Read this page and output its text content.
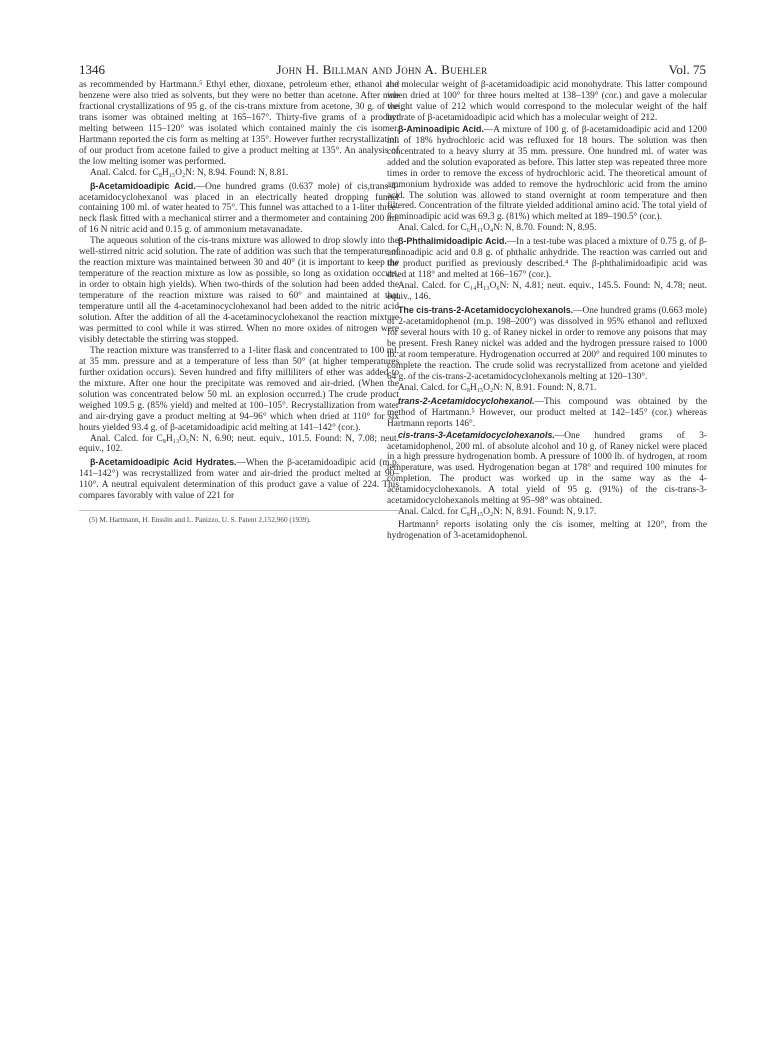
1346	John H. Billman and John A. Buehler	Vol. 75

as recommended by Hartmann.⁵ Ethyl ether, dioxane, petroleum ether, ethanol and benzene were also tried as solvents, but they were no better than acetone. After nine fractional crystallizations of 95 g. of the cis-trans mixture from acetone, 30 g. of the trans isomer was obtained melting at 165–167°. Thirty-five grams of a product melting between 115–120° was isolated which contained mainly the cis isomer. Hartmann reported the cis form as melting at 135°. However further recrystallization of our product from acetone failed to give a product melting at 135°. An analysis of the low melting isomer was performed.

Anal. Calcd. for C₈H₁₅O₂N: N, 8.94. Found: N, 8.81.

β-Acetamidoadipic Acid.—One hundred grams (0.637 mole) of cis,trans-4-acetamidocyclohexanol was placed in an electrically heated dropping funnel containing 100 ml. of water heated to 75°. This funnel was attached to a 1-liter three-neck flask fitted with a mechanical stirrer and a thermometer and containing 200 ml. of 16 N nitric acid and 0.15 g. of ammonium metavanadate.

The aqueous solution of the cis-trans mixture was allowed to drop slowly into the well-stirred nitric acid solution. The rate of addition was such that the temperature of the reaction mixture was maintained between 30 and 40° (it is important to keep the temperature of the reaction mixture as low as possible, so long as oxidation occurs, in order to obtain high yields). When two-thirds of the solution had been added the temperature of the reaction mixture was raised to 60° and maintained at that temperature until all the 4-acetaminocyclohexanol had been added to the nitric acid solution. After the addition of all the 4-acetaminocyclohexanol the reaction mixture was permitted to cool while it was stirred. When no more oxides of nitrogen were visibly detectable the stirring was stopped.

The reaction mixture was transferred to a 1-liter flask and concentrated to 100 ml. at 35 mm. pressure and at a temperature of less than 50° (at higher temperatures further oxidation occurs). Seven hundred and fifty milliliters of ether was added to the mixture. After one hour the precipitate was removed and air-dried. (When the solution was concentrated below 50 ml. an explosion occurred.) The crude product weighed 109.5 g. (85% yield) and melted at 100–105°. Recrystallization from water and air-drying gave a product melting at 94–96° which when dried at 110° for six hours yielded 93.4 g. of β-acetamidoadipic acid melting at 141–142° (cor.).

Anal. Calcd. for C₈H₁₃O₅N: N, 6.90; neut. equiv., 101.5. Found: N, 7.08; neut. equiv., 102.

β-Acetamidoadipic Acid Hydrates.—When the β-acetamidoadipic acid (m.p. 141–142°) was recrystallized from water and air-dried the product melted at 90–110°. A neutral equivalent determination of this product gave a value of 224. This compares favorably with value of 221 for

(5) M. Hartmann, H. Ensslin and L. Panizzo, U. S. Patent 2,152,960 (1939).

the molecular weight of β-acetamidoadipic acid monohydrate. This latter compound when dried at 100° for three hours melted at 138–139° (cor.) and gave a molecular weight value of 212 which would correspond to the molecular weight of the half hydrate of β-acetamidoadipic acid which has a molecular weight of 212.

β-Aminoadipic Acid.—A mixture of 100 g. of β-acetamidoadipic acid and 1200 ml. of 18% hydrochloric acid was refluxed for 18 hours. The solution was then concentrated to a heavy slurry at 35 mm. pressure. One hundred ml. of water was added and the solution evaporated as before. This latter step was repeated three more times in order to remove the excess of hydrochloric acid. The theoretical amount of ammonium hydroxide was added to remove the hydrochloric acid from the amino acid. The solution was allowed to stand overnight at room temperature and then filtered. Concentration of the filtrate yielded additional amino acid. The total yield of β-aminoadipic acid was 69.3 g. (81%) which melted at 189–190.5° (cor.).

Anal. Calcd. for C₆H₁₁O₄N: N, 8.70. Found: N, 8.95.

β-Phthalimidoadipic Acid.—In a test-tube was placed a mixture of 0.75 g. of β-aminoadipic acid and 0.8 g. of phthalic anhydride. The reaction was carried out and the product purified as previously described.⁴ The β-phthalimidoadipic acid was dried at 118° and melted at 166–167° (cor.).

Anal. Calcd. for C₁₄H₁₃O₆N: N, 4.81; neut. equiv., 145.5. Found: N, 4.78; neut. equiv., 146.

The cis-trans-2-Acetamidocyclohexanols.—One hundred grams (0.663 mole) of 2-acetamidophenol (m.p. 198–200°) was dissolved in 95% ethanol and refluxed for several hours with 10 g. of Raney nickel in order to remove any poisons that may be present. Fresh Raney nickel was added and the hydrogen pressure raised to 1000 lb. at room temperature. Hydrogenation occurred at 200° and required 100 minutes to complete the reaction. The crude solid was recrystallized from acetone and yielded 64 g. of the cis-trans-2-acetamidocyclohexanols melting at 120–130°.

Anal. Calcd. for C₈H₁₅O₂N: N, 8.91. Found: N, 8.71.

trans-2-Acetamidocyclohexanol.—This compound was obtained by the method of Hartmann.⁵ However, our product melted at 142–145° (cor.) whereas Hartmann reports 146°.

cis-trans-3-Acetamidocyclohexanols.—One hundred grams of 3-acetamidophenol, 200 ml. of absolute alcohol and 10 g. of Raney nickel were placed in a high pressure hydrogenation bomb. A pressure of 1000 lb. of hydrogen, at room temperature, was used. Hydrogenation began at 178° and required 100 minutes for completion. The product was worked up in the same way as the 4-acetamidocyclohexanols. A total yield of 95 g. (91%) of the cis-trans-3-acetamidocyclohexanols melting at 95–98° was obtained.

Anal. Calcd. for C₈H₁₅O₂N: N, 8.91. Found: N, 9.17.

Hartmann⁵ reports isolating only the cis isomer, melting at 120°, from the hydrogenation of 3-acetamidophenol.
